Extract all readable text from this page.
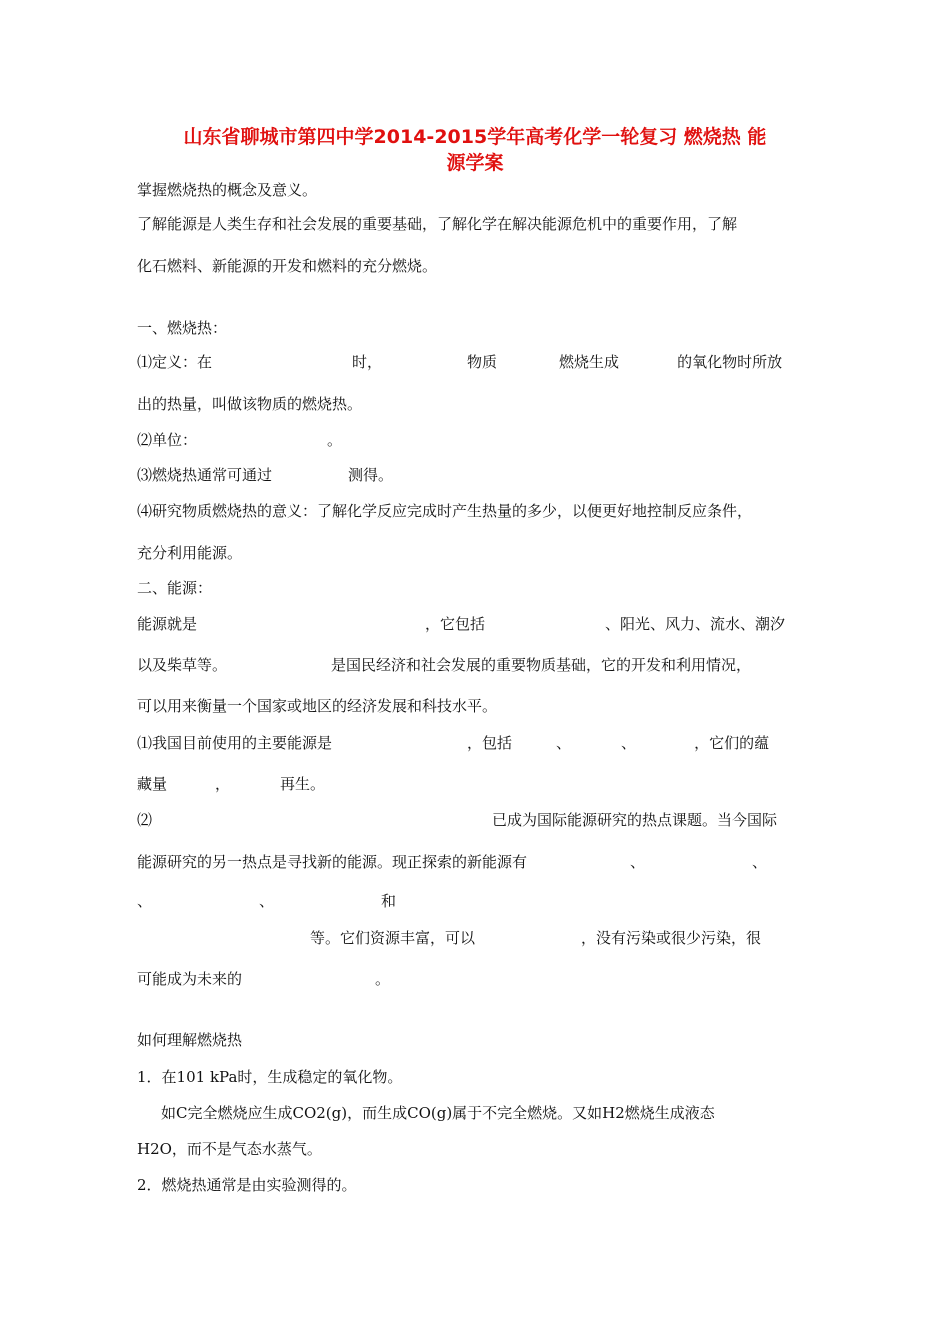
山东省聊城市第四中学2014-2015学年高考化学一轮复习 燃烧热 能
源学案
掌握燃烧热的概念及意义。
了解能源是人类生存和社会发展的重要基础，了解化学在解决能源危机中的重要作用，了解
化石燃料、新能源的开发和燃料的充分燃烧。
一、燃烧热：
⑴定义：在	时，	物质	燃烧生成	的氧化物时所放
出的热量，叫做该物质的燃烧热。
⑵单位：	。
⑶燃烧热通常可通过	测得。
⑷研究物质燃烧热的意义：了解化学反应完成时产生热量的多少，以便更好地控制反应条件，
充分利用能源。
二、能源：
能源就是	，它包括	、阳光、风力、流水、潮汐
以及柴草等。	是国民经济和社会发展的重要物质基础，它的开发和利用情况，
可以用来衡量一个国家或地区的经济发展和科技水平。
⑴我国目前使用的主要能源是	，包括	、	、	，它们的蕴
藏量	，	再生。
⑵	已成为国际能源研究的热点课题。当今国际
能源研究的另一热点是寻找新的能源。现正探索的新能源有	、	、
、	、	和
等。它们资源丰富，可以	，没有污染或很少污染，很
可能成为未来的	。
如何理解燃烧热
1．在101 kPa时，生成稳定的氧化物。
如C完全燃烧应生成CO2(g)，而生成CO(g)属于不完全燃烧。又如H2燃烧生成液态
H2O，而不是气态水蒸气。
2．燃烧热通常是由实验测得的。
